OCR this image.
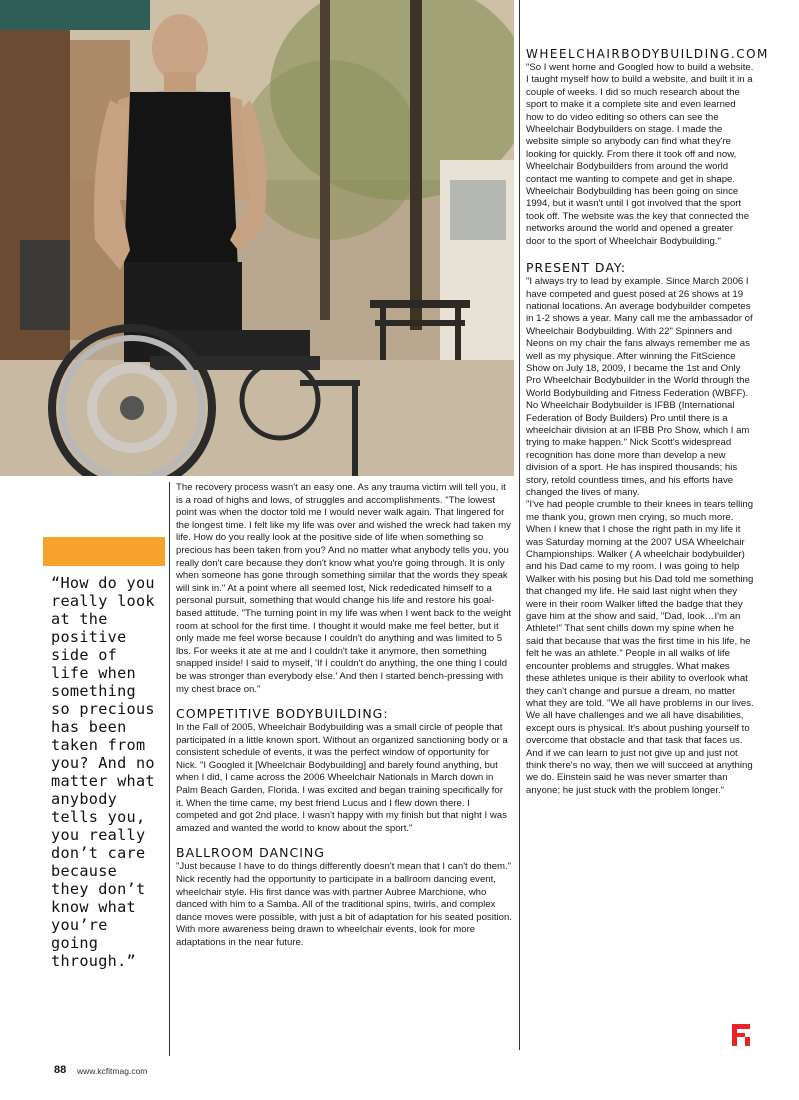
“How do you really look at the positive side of life when something so precious has been taken from you? And no matter what anybody tells you, you really don’t care because they don’t know what you’re going through.”

The recovery process wasn't an easy one. As any trauma victim will tell you, it is a road of highs and lows, of struggles and accomplishments. "The lowest point was when the doctor told me I would never walk again. That lingered for the longest time. I felt like my life was over and wished the wreck had taken my life. How do you really look at the positive side of life when something so precious has been taken from you? And no matter what anybody tells you, you really don't care because they don't know what you're going through. It is only when someone has gone through something similar that the words they speak will sink in." At a point where all seemed lost, Nick rededicated himself to a personal pursuit, something that would change his life and restore his goal-based attitude. "The turning point in my life was when I went back to the weight room at school for the first time. I thought it would make me feel better, but it only made me feel worse because I couldn't do anything and was limited to 5 lbs. For weeks it ate at me and I couldn't take it anymore, then something snapped inside! I said to myself, 'If I couldn't do anything, the one thing I could be was stronger than everybody else.' And then I started bench-pressing with my chest brace on."

COMPETITIVE BODYBUILDING:

In the Fall of 2005, Wheelchair Bodybuilding was a small circle of people that participated in a little known sport. Without an organized sanctioning body or a consistent schedule of events, it was the perfect window of opportunity for Nick. "I Googled it [Wheelchair Bodybuilding] and barely found anything, but when I did, I came across the 2006 Wheelchair Nationals in March down in Palm Beach Garden, Florida. I was excited and began training specifically for it. When the time came, my best friend Lucus and I flew down there. I competed and got 2nd place. I wasn't happy with my finish but that night I was amazed and wanted the world to know about the sport."

BALLROOM DANCING

"Just because I have to do things differently doesn't mean that I can't do them." Nick recently had the opportunity to participate in a ballroom dancing event, wheelchair style. His first dance was with partner Aubree Marchione, who danced with him to a Samba. All of the traditional spins, twirls, and complex dance moves were possible, with just a bit of adaptation for his seated position. With more awareness being drawn to wheelchair events, look for more adaptations in the near future.

WHEELCHAIRBODYBUILDING.COM

"So I went home and Googled how to build a website. I taught myself how to build a website, and built it in a couple of weeks. I did so much research about the sport to make it a complete site and even learned how to do video editing so others can see the Wheelchair Bodybuilders on stage. I made the website simple so anybody can find what they're looking for quickly. From there it took off and now, Wheelchair Bodybuilders from around the world contact me wanting to compete and get in shape. Wheelchair Bodybuilding has been going on since 1994, but it wasn't until I got involved that the sport took off. The website was the key that connected the networks around the world and opened a greater door to the sport of Wheelchair Bodybuilding."

PRESENT DAY:

"I always try to lead by example. Since March 2006 I have competed and guest posed at 26 shows at 19 national locations. An average bodybuilder competes in 1-2 shows a year. Many call me the ambassador of Wheelchair Bodybuilding. With 22" Spinners and Neons on my chair the fans always remember me as well as my physique. After winning the FitScience Show on July 18, 2009, I became the 1st and Only Pro Wheelchair Bodybuilder in the World through the World Bodybuilding and Fitness Federation (WBFF). No Wheelchair Bodybuilder is IFBB (International Federation of Body Builders) Pro until there is a wheelchair division at an IFBB Pro Show, which I am trying to make happen." Nick Scott's widespread recognition has done more than develop a new division of a sport. He has inspired thousands; his story, retold countless times, and his efforts have changed the lives of many.

"I've had people crumble to their knees in tears telling me thank you, grown men crying, so much more. When I knew that I chose the right path in my life it was Saturday morning at the 2007 USA Wheelchair Championships. Walker ( A wheelchair bodybuilder) and his Dad came to my room. I was going to help Walker with his posing but his Dad told me something that changed my life. He said last night when they were in their room Walker lifted the badge that they gave him at the show and said, "Dad, look…I'm an Athlete!" That sent chills down my spine when he said that because that was the first time in his life, he felt he was an athlete." People in all walks of life encounter problems and struggles. What makes these athletes unique is their ability to overlook what they can't change and pursue a dream, no matter what they are told. "We all have problems in our lives. We all have challenges and we all have disabilities, except ours is physical. It's about pushing yourself to overcome that obstacle and that task that faces us. And if we can learn to just not give up and just not think there's no way, then we will succeed at anything we do. Einstein said he was never smarter than anyone; he just stuck with the problem longer."

88 www.kcfitmag.com
